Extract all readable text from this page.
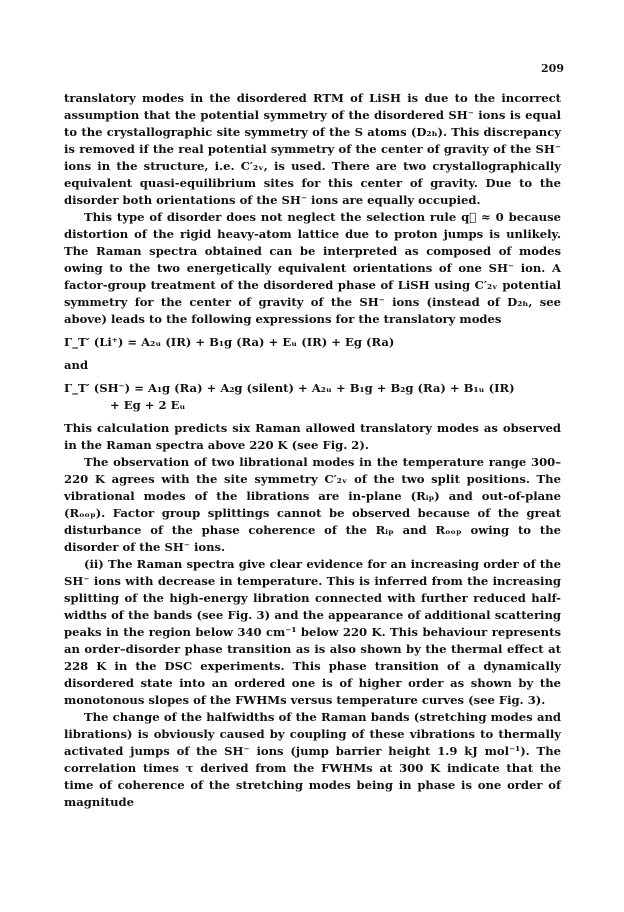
209

translatory modes in the disordered RTM of LiSH is due to the incorrect assumption that the potential symmetry of the disordered SH⁻ ions is equal to the crystallographic site symmetry of the S atoms (D₂ₕ). This discrepancy is removed if the real potential symmetry of the center of gravity of the SH⁻ ions in the structure, i.e. C′₂ᵥ, is used. There are two crystallographically equivalent quasi-equilibrium sites for this center of gravity. Due to the disorder both orientations of the SH⁻ ions are equally occupied.

This type of disorder does not neglect the selection rule q⃗ ≈ 0 because distortion of the rigid heavy-atom lattice due to proton jumps is unlikely. The Raman spectra obtained can be interpreted as composed of modes owing to the two energetically equivalent orientations of one SH⁻ ion. A factor-group treatment of the disordered phase of LiSH using C′₂ᵥ potential symmetry for the center of gravity of the SH⁻ ions (instead of D₂ₕ, see above) leads to the following expressions for the translatory modes

Γ_T′ (Li⁺) = A₂ᵤ (IR) + B₁g (Ra) + Eᵤ (IR) + Eg (Ra)

and

Γ_T′ (SH⁻) = A₁g (Ra) + A₂g (silent) + A₂ᵤ + B₁g + B₂g (Ra) + B₁ᵤ (IR)

+ Eg + 2 Eᵤ

This calculation predicts six Raman allowed translatory modes as observed in the Raman spectra above 220 K (see Fig. 2).

The observation of two librational modes in the temperature range 300–220 K agrees with the site symmetry C′₂ᵥ of the two split positions. The vibrational modes of the librations are in-plane (Rᵢₚ) and out-of-plane (Rₒₒₚ). Factor group splittings cannot be observed because of the great disturbance of the phase coherence of the Rᵢₚ and Rₒₒₚ owing to the disorder of the SH⁻ ions.

(ii) The Raman spectra give clear evidence for an increasing order of the SH⁻ ions with decrease in temperature. This is inferred from the increasing splitting of the high-energy libration connected with further reduced half-widths of the bands (see Fig. 3) and the appearance of additional scattering peaks in the region below 340 cm⁻¹ below 220 K. This behaviour represents an order–disorder phase transition as is also shown by the thermal effect at 228 K in the DSC experiments. This phase transition of a dynamically disordered state into an ordered one is of higher order as shown by the monotonous slopes of the FWHMs versus temperature curves (see Fig. 3).

The change of the halfwidths of the Raman bands (stretching modes and librations) is obviously caused by coupling of these vibrations to thermally activated jumps of the SH⁻ ions (jump barrier height 1.9 kJ mol⁻¹). The correlation times τ derived from the FWHMs at 300 K indicate that the time of coherence of the stretching modes being in phase is one order of magnitude
